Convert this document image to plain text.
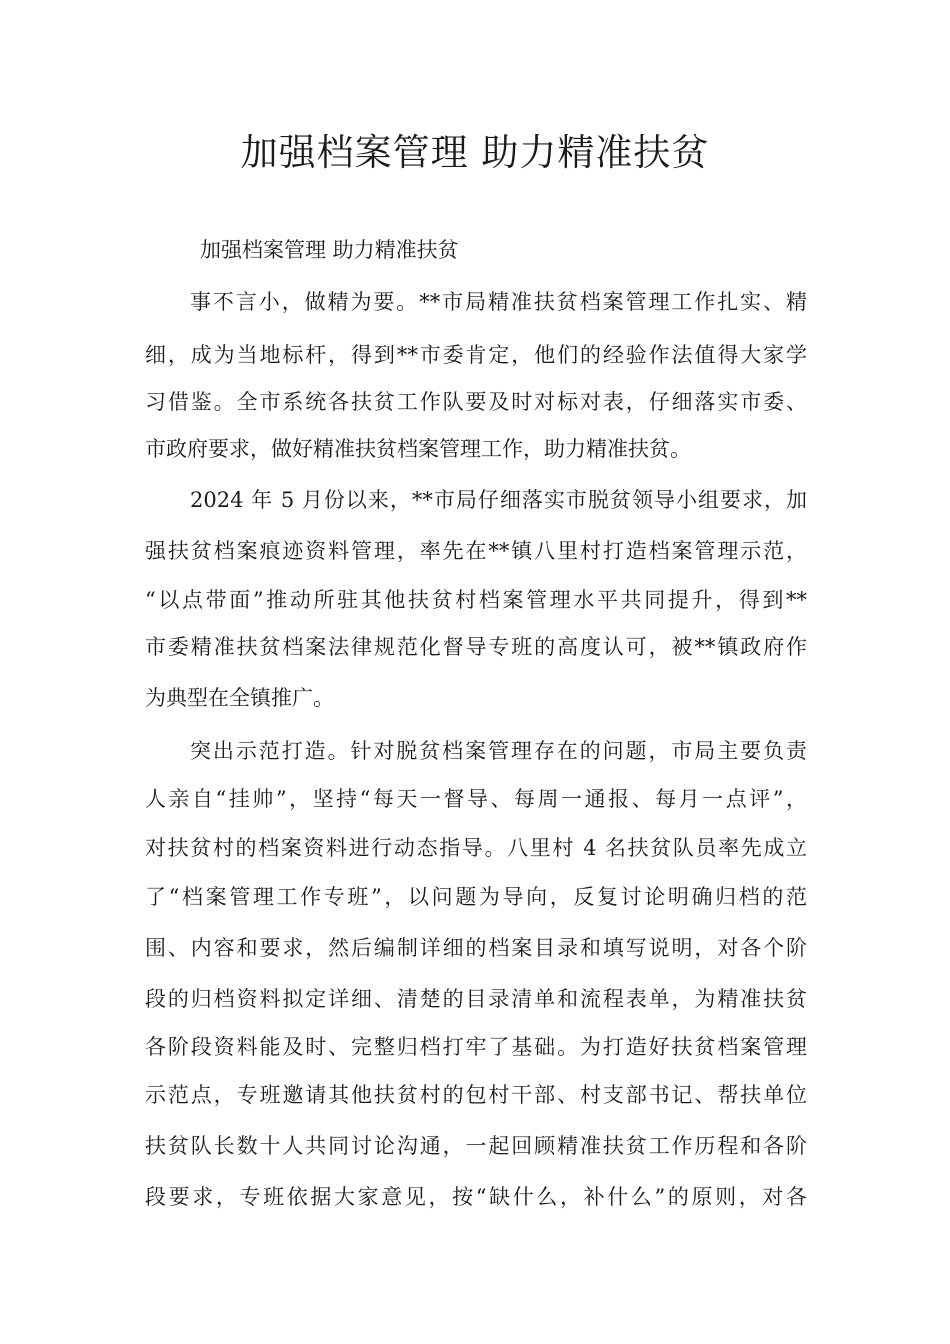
加强档案管理 助力精准扶贫

加强档案管理 助力精准扶贫

事不言小，做精为要。**市局精准扶贫档案管理工作扎实、精

细，成为当地标杆，得到**市委肯定，他们的经验作法值得大家学

习借鉴。全市系统各扶贫工作队要及时对标对表，仔细落实市委、

市政府要求，做好精准扶贫档案管理工作，助力精准扶贫。

2024 年 5 月份以来，**市局仔细落实市脱贫领导小组要求，加

强扶贫档案痕迹资料管理，率先在**镇八里村打造档案管理示范，

“以点带面”推动所驻其他扶贫村档案管理水平共同提升，得到**

市委精准扶贫档案法律规范化督导专班的高度认可，被**镇政府作

为典型在全镇推广。

突出示范打造。针对脱贫档案管理存在的问题，市局主要负责

人亲自“挂帅”，坚持“每天一督导、每周一通报、每月一点评”，

对扶贫村的档案资料进行动态指导。八里村 4 名扶贫队员率先成立

了“档案管理工作专班”，以问题为导向，反复讨论明确归档的范

围、内容和要求，然后编制详细的档案目录和填写说明，对各个阶

段的归档资料拟定详细、清楚的目录清单和流程表单，为精准扶贫

各阶段资料能及时、完整归档打牢了基础。为打造好扶贫档案管理

示范点，专班邀请其他扶贫村的包村干部、村支部书记、帮扶单位

扶贫队长数十人共同讨论沟通，一起回顾精准扶贫工作历程和各阶

段要求，专班依据大家意见，按“缺什么，补什么”的原则，对各
